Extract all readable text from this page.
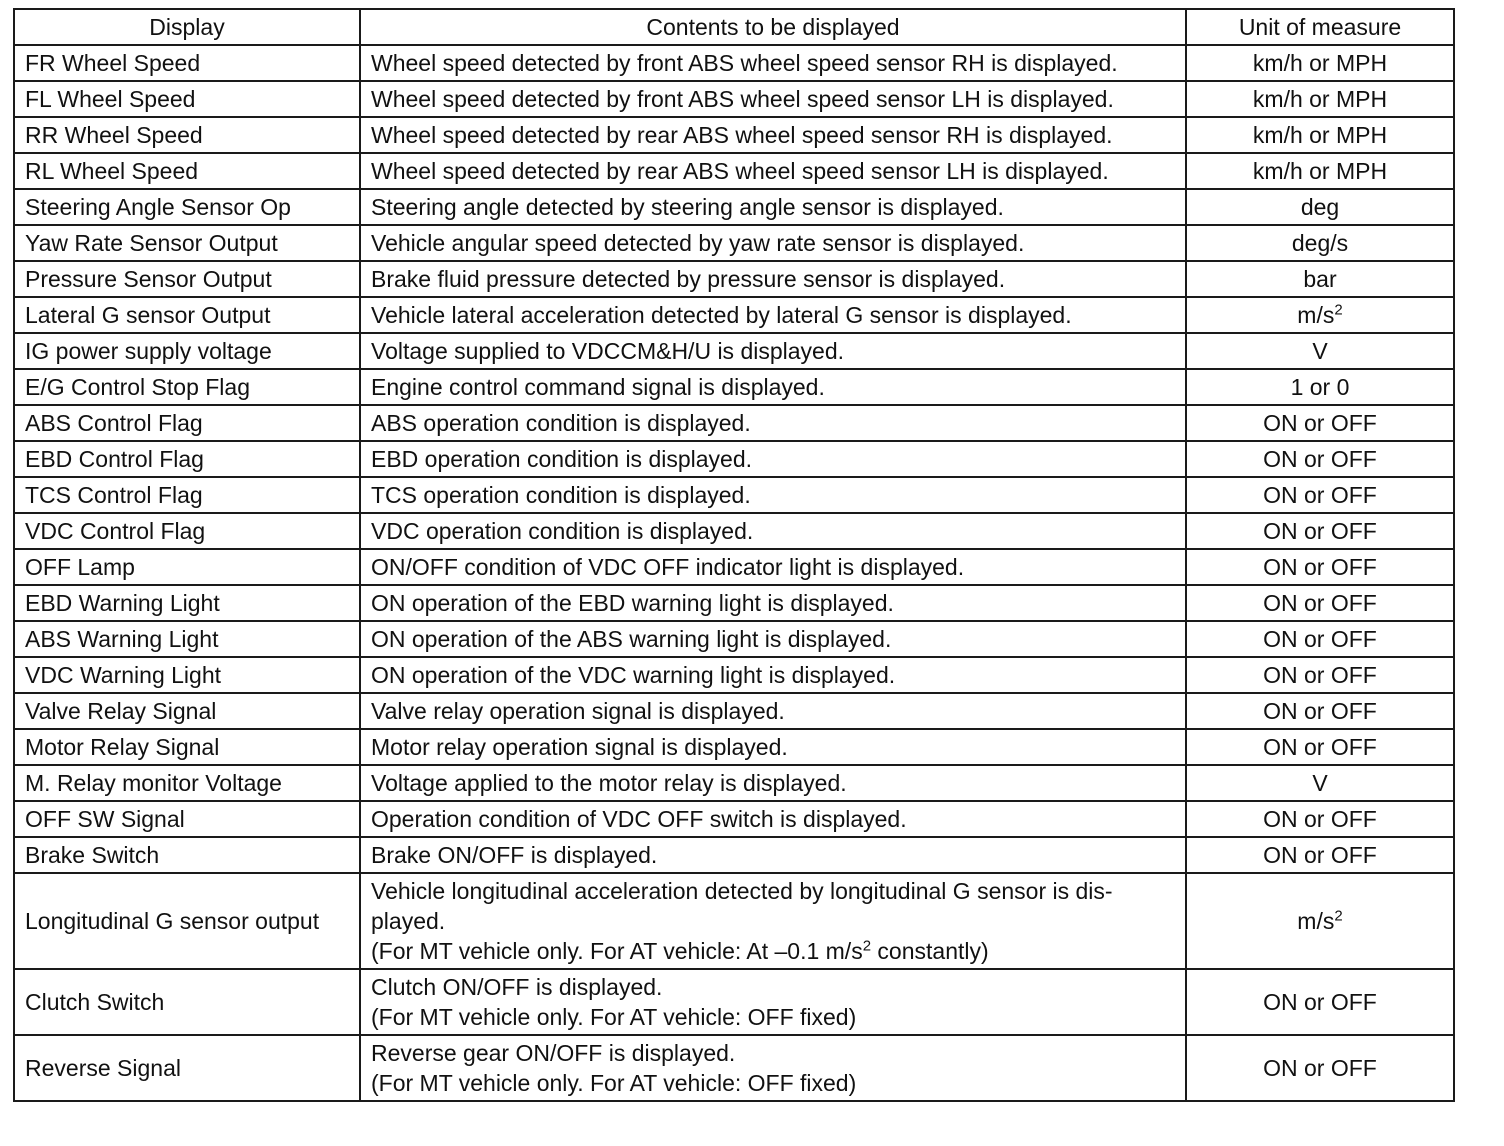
Display	Contents to be displayed	Unit of measure
FR Wheel Speed	Wheel speed detected by front ABS wheel speed sensor RH is displayed.	km/h or MPH
FL Wheel Speed	Wheel speed detected by front ABS wheel speed sensor LH is displayed.	km/h or MPH
RR Wheel Speed	Wheel speed detected by rear ABS wheel speed sensor RH is displayed.	km/h or MPH
RL Wheel Speed	Wheel speed detected by rear ABS wheel speed sensor LH is displayed.	km/h or MPH
Steering Angle Sensor Op	Steering angle detected by steering angle sensor is displayed.	deg
Yaw Rate Sensor Output	Vehicle angular speed detected by yaw rate sensor is displayed.	deg/s
Pressure Sensor Output	Brake fluid pressure detected by pressure sensor is displayed.	bar
Lateral G sensor Output	Vehicle lateral acceleration detected by lateral G sensor is displayed.	$m/s^2$
IG power supply voltage	Voltage supplied to VDCCM&H/U is displayed.	V
E/G Control Stop Flag	Engine control command signal is displayed.	1 or 0
ABS Control Flag	ABS operation condition is displayed.	ON or OFF
EBD Control Flag	EBD operation condition is displayed.	ON or OFF
TCS Control Flag	TCS operation condition is displayed.	ON or OFF
VDC Control Flag	VDC operation condition is displayed.	ON or OFF
OFF Lamp	ON/OFF condition of VDC OFF indicator light is displayed.	ON or OFF
EBD Warning Light	ON operation of the EBD warning light is displayed.	ON or OFF
ABS Warning Light	ON operation of the ABS warning light is displayed.	ON or OFF
VDC Warning Light	ON operation of the VDC warning light is displayed.	ON or OFF
Valve Relay Signal	Valve relay operation signal is displayed.	ON or OFF
Motor Relay Signal	Motor relay operation signal is displayed.	ON or OFF
M. Relay monitor Voltage	Voltage applied to the motor relay is displayed.	V
OFF SW Signal	Operation condition of VDC OFF switch is displayed.	ON or OFF
Brake Switch	Brake ON/OFF is displayed.	ON or OFF
Longitudinal G sensor output	Vehicle longitudinal acceleration detected by longitudinal G sensor is dis-
played.
(For MT vehicle only. For AT vehicle: At –0.1 $m/s^2$ constantly)	$m/s^2$
Clutch Switch	Clutch ON/OFF is displayed.
(For MT vehicle only. For AT vehicle: OFF fixed)	ON or OFF
Reverse Signal	Reverse gear ON/OFF is displayed.
(For MT vehicle only. For AT vehicle: OFF fixed)	ON or OFF
